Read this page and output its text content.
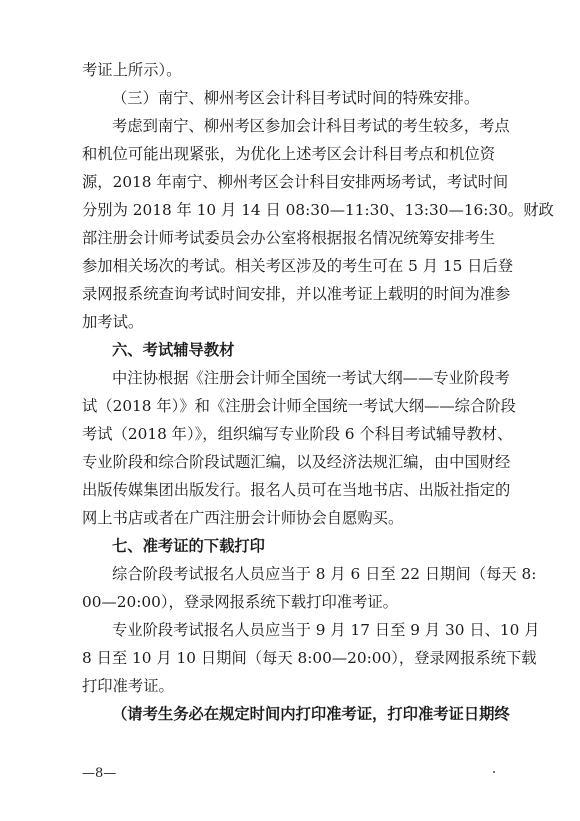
考证上所示）。
（三）南宁、柳州考区会计科目考试时间的特殊安排。
考虑到南宁、柳州考区参加会计科目考试的考生较多，考点
和机位可能出现紧张，为优化上述考区会计科目考点和机位资
源，2018 年南宁、柳州考区会计科目安排两场考试，考试时间
分别为 2018 年 10 月 14 日 08:30—11:30、13:30—16:30。财政
部注册会计师考试委员会办公室将根据报名情况统筹安排考生
参加相关场次的考试。相关考区涉及的考生可在 5 月 15 日后登
录网报系统查询考试时间安排，并以准考证上载明的时间为准参
加考试。
六、考试辅导教材
中注协根据《注册会计师全国统一考试大纲——专业阶段考
试（2018 年）》和《注册会计师全国统一考试大纲——综合阶段
考试（2018 年）》，组织编写专业阶段 6 个科目考试辅导教材、
专业阶段和综合阶段试题汇编，以及经济法规汇编，由中国财经
出版传媒集团出版发行。报名人员可在当地书店、出版社指定的
网上书店或者在广西注册会计师协会自愿购买。
七、准考证的下载打印
综合阶段考试报名人员应当于 8 月 6 日至 22 日期间（每天 8:
00—20:00），登录网报系统下载打印准考证。
专业阶段考试报名人员应当于 9 月 17 日至 9 月 30 日、10 月
8 日至 10 月 10 日期间（每天 8:00—20:00），登录网报系统下载
打印准考证。
（请考生务必在规定时间内打印准考证，打印准考证日期终
—8—
